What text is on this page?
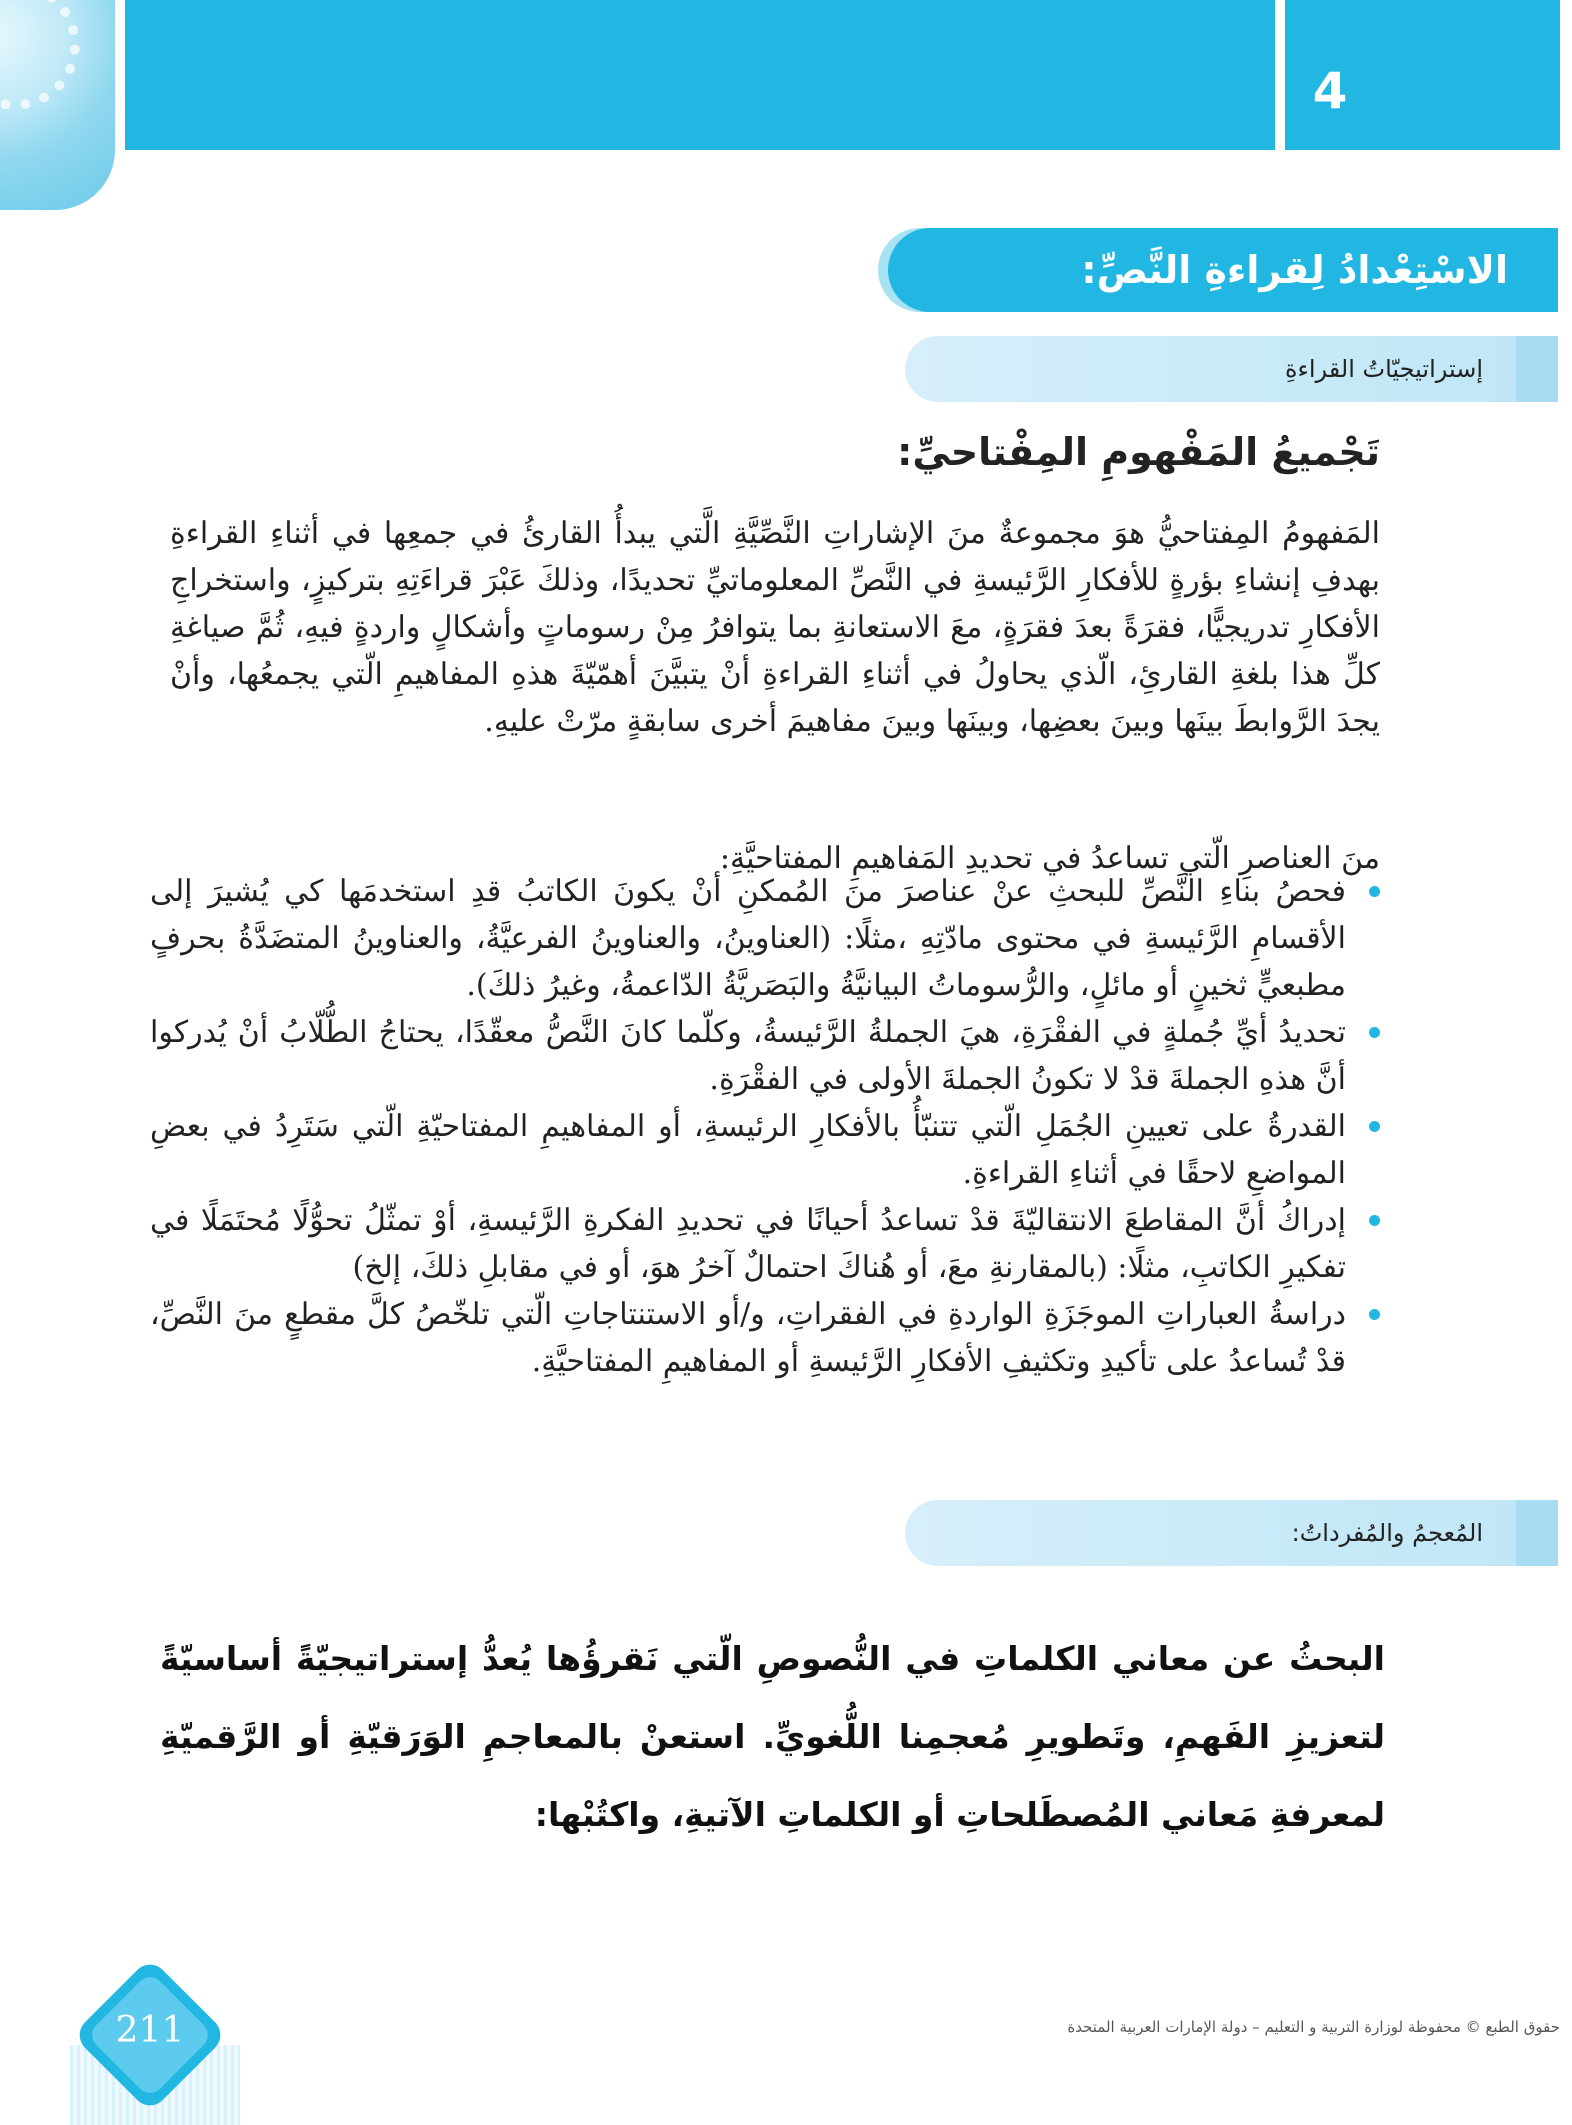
4
الاسْتِعْدادُ لِقراءةِ النَّصِّ:
إستراتيجيّاتُ القراءةِ
تَجْميعُ المَفْهومِ المِفْتاحيِّ:
المَفهومُ المِفتاحيُّ هوَ مجموعةٌ منَ الإشاراتِ النَّصِّيَّةِ الَّتي يبدأُ القارئُ في جمعِها في أثناءِ القراءةِ بهدفِ إنشاءِ بؤرةٍ للأفكارِ الرَّئيسةِ في النَّصِّ المعلوماتيِّ تحديدًا، وذلكَ عَبْرَ قراءَتِهِ بتركيزٍ، واستخراجِ الأفكارِ تدريجيًّا، فقرَةً بعدَ فقرَةٍ، معَ الاستعانةِ بما يتوافرُ مِنْ رسوماتٍ وأشكالٍ واردةٍ فيهِ، ثُمَّ صياغةِ كلِّ هذا بلغةِ القارئِ، الّذي يحاولُ في أثناءِ القراءةِ أنْ يتبيَّنَ أهمّيّةَ هذهِ المفاهيمِ الّتي يجمعُها، وأنْ يجدَ الرَّوابطَ بينَها وبينَ بعضِها، وبينَها وبينَ مفاهيمَ أخرى سابقةٍ مرّتْ عليهِ.
منَ العناصرِ الّتي تساعدُ في تحديدِ المَفاهيمِ المفتاحيَّةِ:
فحصُ بناءِ النَّصِّ للبحثِ عنْ عناصرَ منَ المُمكنِ أنْ يكونَ الكاتبُ قدِ استخدمَها كي يُشيرَ إلى الأقسامِ الرَّئيسةِ في محتوى مادّتِهِ ،مثلًا: (العناوينُ، والعناوينُ الفرعيَّةُ، والعناوينُ المتضَدَّةُ بحرفٍ مطبعيٍّ ثخينٍ أو مائلٍ، والرُّسوماتُ البيانيَّةُ والبَصَريَّةُ الدّاعمةُ، وغيرُ ذلكَ).
تحديدُ أيِّ جُملةٍ في الفقْرَةِ، هيَ الجملةُ الرَّئيسةُ، وكلّما كانَ النَّصُّ معقّدًا، يحتاجُ الطُّلّابُ أنْ يُدركوا أنَّ هذهِ الجملةَ قدْ لا تكونُ الجملةَ الأولى في الفقْرَةِ.
القدرةُ على تعيينِ الجُمَلِ الّتي تتنبّأُ بالأفكارِ الرئيسةِ، أو المفاهيمِ المفتاحيّةِ الّتي سَتَرِدُ في بعضِ المواضعِ لاحقًا في أثناءِ القراءةِ.
إدراكُ أنَّ المقاطعَ الانتقاليّةَ قدْ تساعدُ أحيانًا في تحديدِ الفكرةِ الرَّئيسةِ، أوْ تمثّلُ تحوُّلًا مُحتَمَلًا في تفكيرِ الكاتبِ، مثلًا: (بالمقارنةِ معَ، أو هُناكَ احتمالٌ آخرُ هوَ، أو في مقابلِ ذلكَ، إلخ)
دراسةُ العباراتِ الموجَزَةِ الواردةِ في الفقراتِ، و/أو الاستنتاجاتِ الّتي تلخّصُ كلَّ مقطعٍ منَ النَّصِّ، قدْ تُساعدُ على تأكيدِ وتكثيفِ الأفكارِ الرَّئيسةِ أو المفاهيمِ المفتاحيَّةِ.
المُعجمُ والمُفرداتُ:
البحثُ عن معاني الكلماتِ في النُّصوصِ الّتي نَقرؤُها يُعدُّ إستراتيجيّةً أساسيّةً لتعزيزِ الفَهمِ، وتَطويرِ مُعجمِنا اللُّغويِّ. استعنْ بالمعاجمِ الوَرَقيّةِ أو الرَّقميّةِ لمعرفةِ مَعاني المُصطَلحاتِ أو الكلماتِ الآتيةِ، واكتُبْها:
211	حقوق الطبع © محفوظة لوزارة التربية و التعليم – دولة الإمارات العربية المتحدة
